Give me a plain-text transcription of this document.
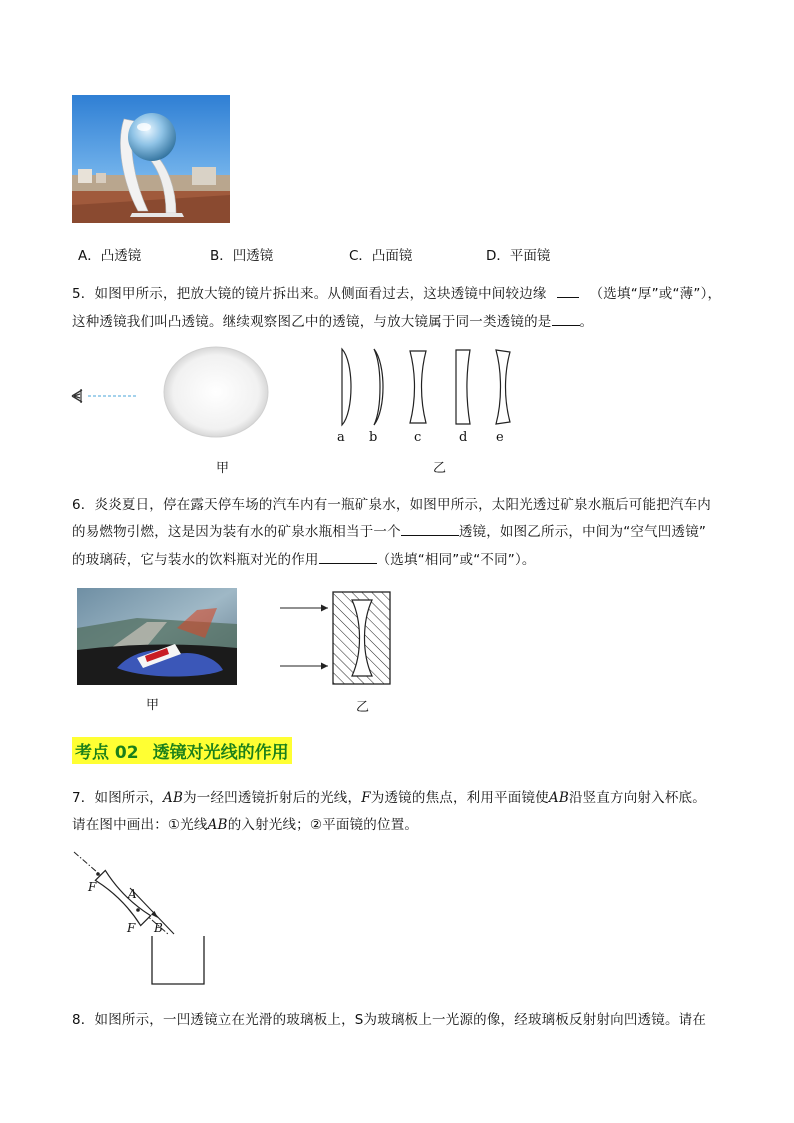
A．凸透镜	B．凹透镜	C．凸面镜	D．平面镜
5．如图甲所示，把放大镜的镜片拆出来。从侧面看过去，这块透镜中间较边缘	（选填“厚”或“薄”），
这种透镜我们叫凸透镜。继续观察图乙中的透镜，与放大镜属于同一类透镜的是 。
a b	c	d e
甲	乙
6．炎炎夏日，停在露天停车场的汽车内有一瓶矿泉水，如图甲所示，太阳光透过矿泉水瓶后可能把汽车内
的易燃物引燃，这是因为装有水的矿泉水瓶相当于一个	透镜，如图乙所示，中间为“空气凹透镜”
的玻璃砖，它与装水的饮料瓶对光的作用	（选填“相同”或“不同”）。
甲	乙
考点 02 透镜对光线的作用
7．如图所示，AB为一经凹透镜折射后的光线，F为透镜的焦点，利用平面镜使AB沿竖直方向射入杯底。
请在图中画出：①光线AB的入射光线；②平面镜的位置。
F	A
F B
8．如图所示，一凹透镜立在光滑的玻璃板上，S为玻璃板上一光源的像，经玻璃板反射射向凹透镜。请在
